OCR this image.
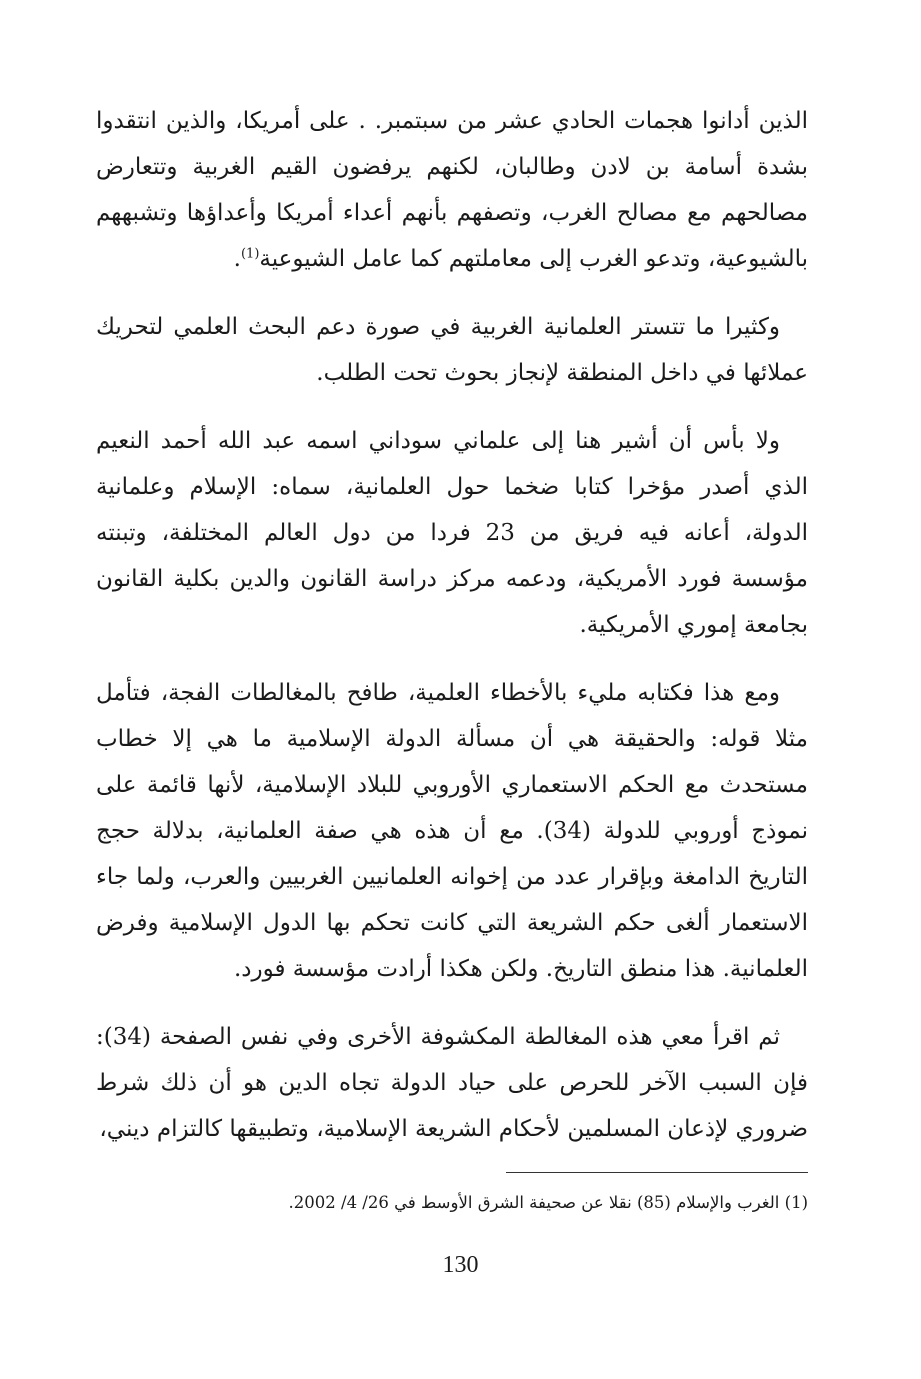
الذين أدانوا هجمات الحادي عشر من سبتمبر. . على أمريكا، والذين انتقدوا بشدة أسامة بن لادن وطالبان، لكنهم يرفضون القيم الغربية وتتعارض مصالحهم مع مصالح الغرب، وتصفهم بأنهم أعداء أمريكا وأعداؤها وتشبههم بالشيوعية، وتدعو الغرب إلى معاملتهم كما عامل الشيوعية$^{(1)}$.

وكثيرا ما تتستر العلمانية الغربية في صورة دعم البحث العلمي لتحريك عملائها في داخل المنطقة لإنجاز بحوث تحت الطلب.

ولا بأس أن أشير هنا إلى علماني سوداني اسمه عبد الله أحمد النعيم الذي أصدر مؤخرا كتابا ضخما حول العلمانية، سماه: الإسلام وعلمانية الدولة، أعانه فيه فريق من 23 فردا من دول العالم المختلفة، وتبنته مؤسسة فورد الأمريكية، ودعمه مركز دراسة القانون والدين بكلية القانون بجامعة إموري الأمريكية.

ومع هذا فكتابه مليء بالأخطاء العلمية، طافح بالمغالطات الفجة، فتأمل مثلا قوله: والحقيقة هي أن مسألة الدولة الإسلامية ما هي إلا خطاب مستحدث مع الحكم الاستعماري الأوروبي للبلاد الإسلامية، لأنها قائمة على نموذج أوروبي للدولة (34). مع أن هذه هي صفة العلمانية، بدلالة حجج التاريخ الدامغة وبإقرار عدد من إخوانه العلمانيين الغربيين والعرب، ولما جاء الاستعمار ألغى حكم الشريعة التي كانت تحكم بها الدول الإسلامية وفرض العلمانية. هذا منطق التاريخ. ولكن هكذا أرادت مؤسسة فورد.

ثم اقرأ معي هذه المغالطة المكشوفة الأخرى وفي نفس الصفحة (34): فإن السبب الآخر للحرص على حياد الدولة تجاه الدين هو أن ذلك شرط ضروري لإذعان المسلمين لأحكام الشريعة الإسلامية، وتطبيقها كالتزام ديني،

(1) الغرب والإسلام (85) نقلا عن صحيفة الشرق الأوسط في 26/ 4/ 2002.
130
